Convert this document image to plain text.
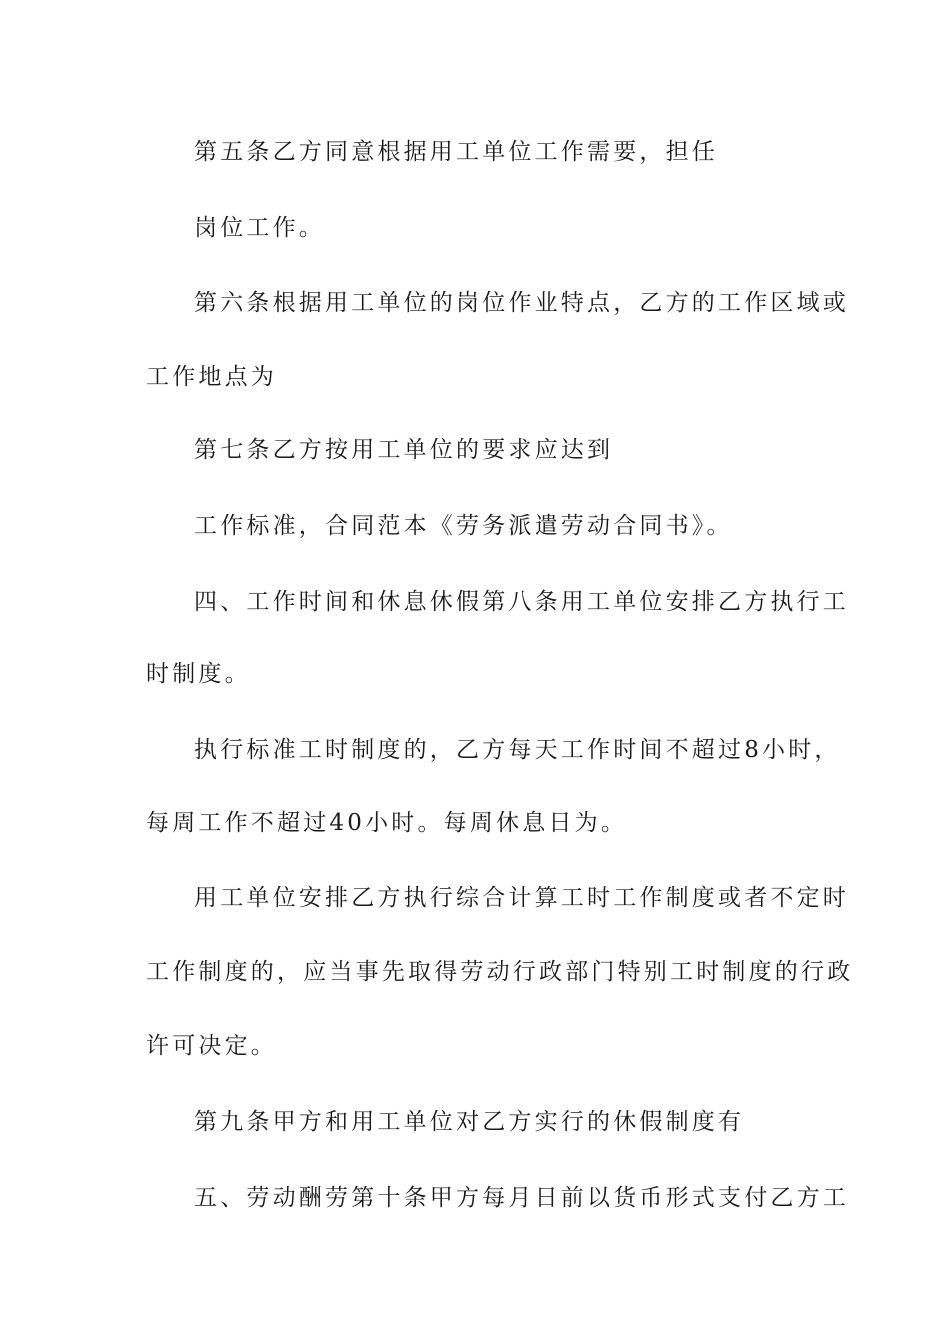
第五条乙方同意根据用工单位工作需要，担任
岗位工作。
第六条根据用工单位的岗位作业特点，乙方的工作区域或
工作地点为
第七条乙方按用工单位的要求应达到
工作标准，合同范本《劳务派遣劳动合同书》。
四、工作时间和休息休假第八条用工单位安排乙方执行工
时制度。
执行标准工时制度的，乙方每天工作时间不超过8小时，
每周工作不超过40小时。每周休息日为。
用工单位安排乙方执行综合计算工时工作制度或者不定时
工作制度的，应当事先取得劳动行政部门特别工时制度的行政
许可决定。
第九条甲方和用工单位对乙方实行的休假制度有
五、劳动酬劳第十条甲方每月日前以货币形式支付乙方工
